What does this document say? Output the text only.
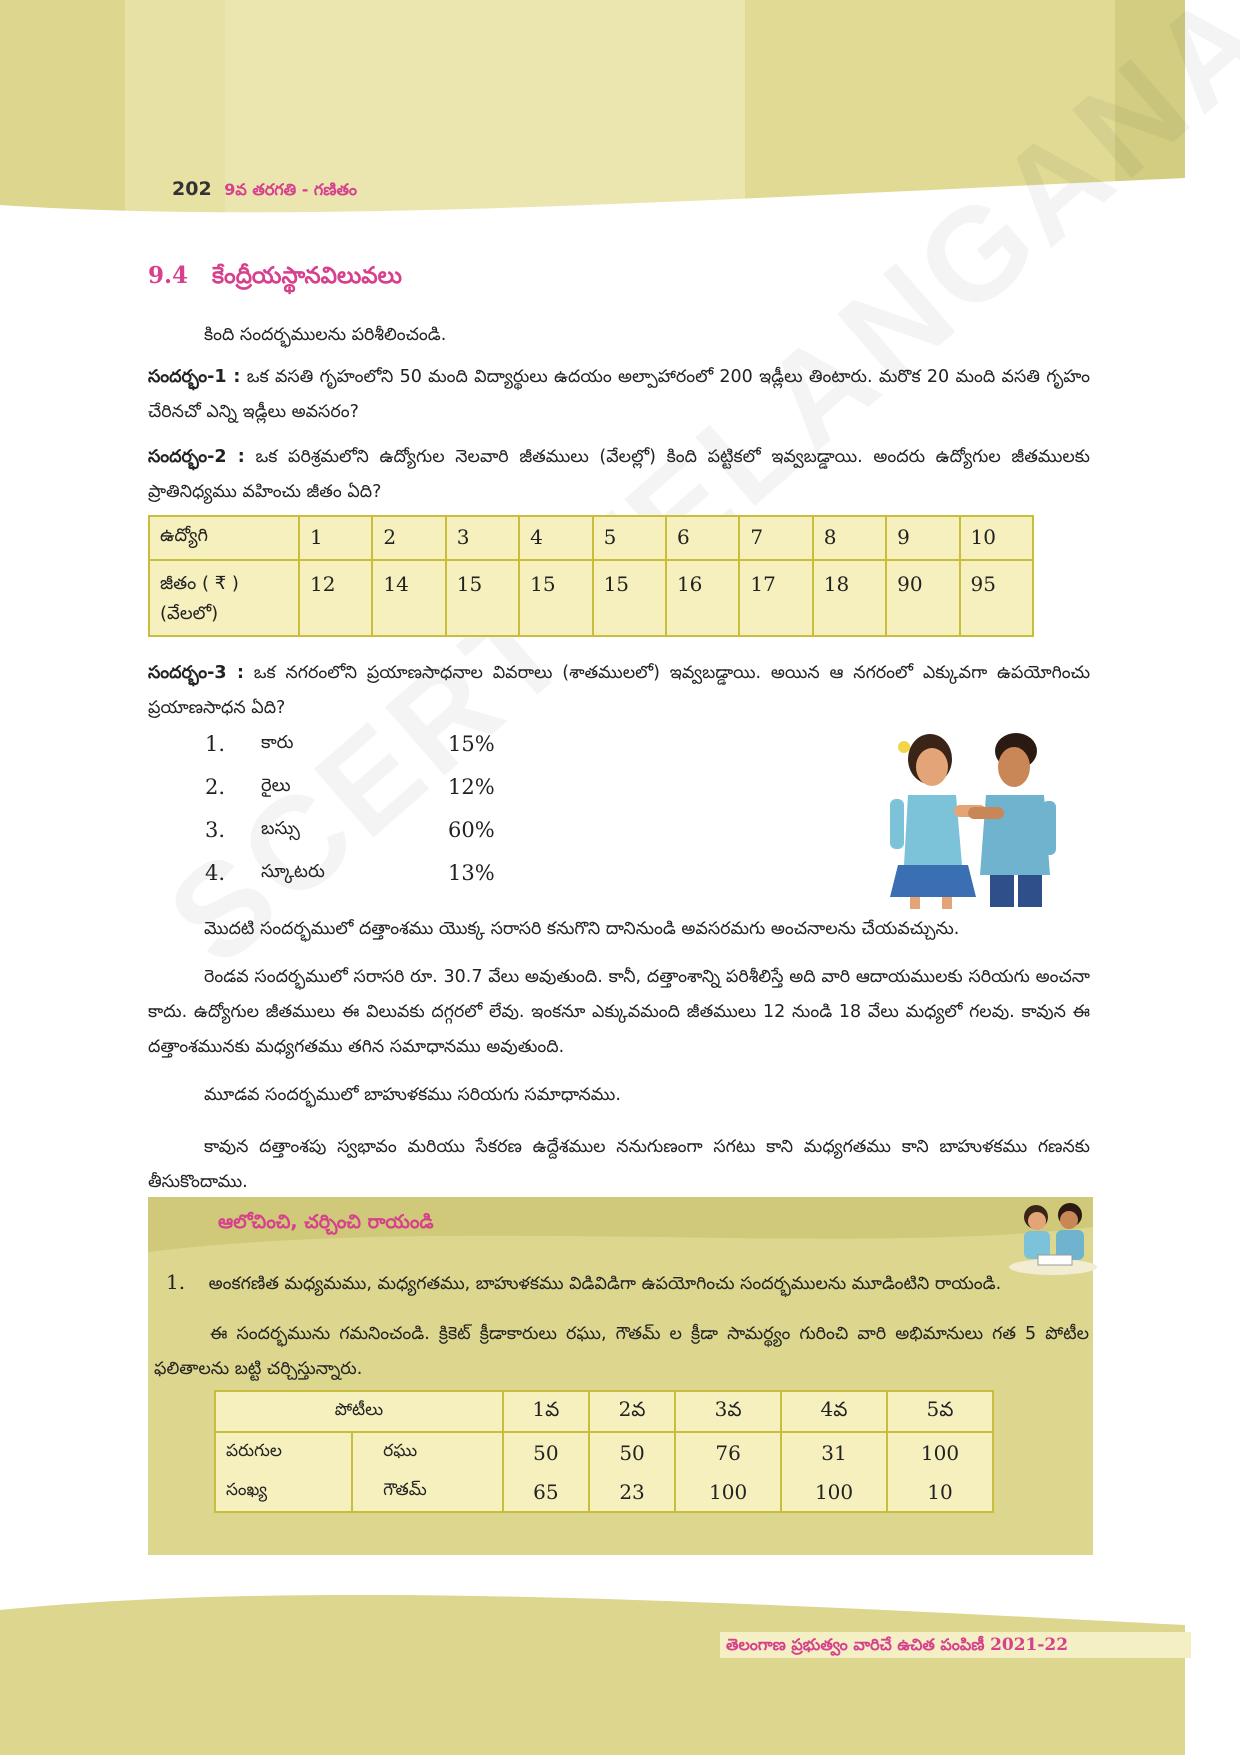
202 9వ తరగతి - గణితం
9.4 కేంద్రీయస్థానవిలువలు
కింది సందర్భములను పరిశీలించండి.
సందర్భం-1 : ఒక వసతి గృహంలోని 50 మంది విద్యార్థులు ఉదయం అల్పాహారంలో 200 ఇడ్లీలు తింటారు. మరొక 20 మంది వసతి గృహం చేరినచో ఎన్ని ఇడ్లీలు అవసరం?
సందర్భం-2 : ఒక పరిశ్రమలోని ఉద్యోగుల నెలవారి జీతములు (వేలల్లో) కింది పట్టికలో ఇవ్వబడ్డాయి. అందరు ఉద్యోగుల జీతములకు ప్రాతినిధ్యము వహించు జీతం ఏది?
ఉద్యోగి	1	2	3	4	5	6	7	8	9	10

జీతం ( ₹ )
(వేలలో)	12	14	15	15	15	16	17	18	90	95
సందర్భం-3 : ఒక నగరంలోని ప్రయాణసాధనాల వివరాలు (శాతములలో) ఇవ్వబడ్డాయి. అయిన ఆ నగరంలో ఎక్కువగా ఉపయోగించు ప్రయాణసాధన ఏది?
1. కారు	15%
2. రైలు	12%
3. బస్సు	60%
4. స్కూటరు	13%
మొదటి సందర్భములో దత్తాంశము యొక్క సరాసరి కనుగొని దానినుండి అవసరమగు అంచనాలను చేయవచ్చును.
రెండవ సందర్భములో సరాసరి రూ. 30.7 వేలు అవుతుంది. కానీ, దత్తాంశాన్ని పరిశీలిస్తే అది వారి ఆదాయములకు సరియగు అంచనా కాదు. ఉద్యోగుల జీతములు ఈ విలువకు దగ్గరలో లేవు. ఇంకనూ ఎక్కువమంది జీతములు 12 నుండి 18 వేలు మధ్యలో గలవు. కావున ఈ దత్తాంశమునకు మధ్యగతము తగిన సమాధానము అవుతుంది.
మూడవ సందర్భములో బాహుళకము సరియగు సమాధానము.
కావున దత్తాంశపు స్వభావం మరియు సేకరణ ఉద్దేశముల ననుగుణంగా సగటు కాని మధ్యగతము కాని బాహుళకము గణనకు తీసుకొందాము.
ఆలోచించి, చర్చించి రాయండి
1. అంకగణిత మధ్యమము, మధ్యగతము, బాహుళకము విడివిడిగా ఉపయోగించు సందర్భములను మూడింటిని రాయండి.
ఈ సందర్భమును గమనించండి. క్రికెట్ క్రీడాకారులు రఘు, గౌతమ్ ల క్రీడా సామర్థ్యం గురించి వారి అభిమానులు గత 5 పోటీల ఫలితాలను బట్టి చర్చిస్తున్నారు.
పోటీలు		1వ	2వ	3వ	4వ	5వ
పరుగుల	రఘు	50	50	76	31	100
సంఖ్య	గౌతమ్	65	23	100	100	10
తెలంగాణ ప్రభుత్వం వారిచే ఉచిత పంపిణీ 2021-22
